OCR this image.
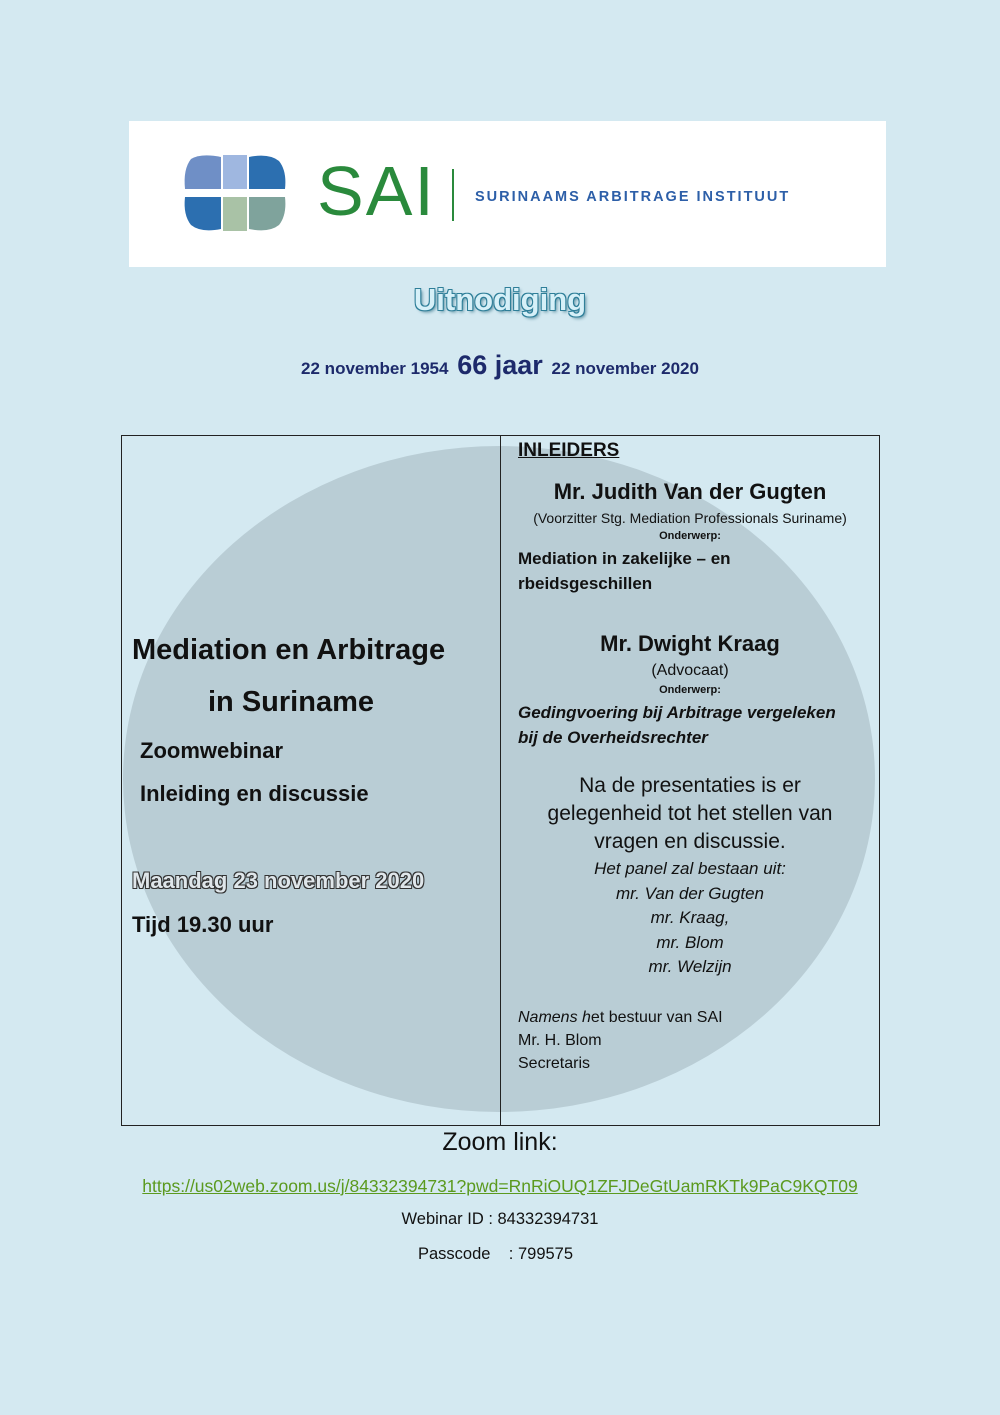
SAI	SURINAAMS ARBITRAGE INSTITUUT
Uitnodiging
22 november 1954 66 jaar 22 november 2020
Mediation en Arbitrage
in Suriname
Zoomwebinar
Inleiding en discussie
Maandag 23 november 2020
Tijd 19.30 uur
INLEIDERS
Mr. Judith Van der Gugten
(Voorzitter Stg. Mediation Professionals Suriname)
Onderwerp:
Mediation in zakelijke – en
rbeidsgeschillen
Mr. Dwight Kraag
(Advocaat)
Onderwerp:
Gedingvoering bij Arbitrage vergeleken
bij de Overheidsrechter
Na de presentaties is er
gelegenheid tot het stellen van
vragen en discussie.
Het panel zal bestaan uit:
mr. Van der Gugten
mr. Kraag,
mr. Blom
mr. Welzijn
Namens het bestuur van SAI
Mr. H. Blom
Secretaris
Zoom link:
https://us02web.zoom.us/j/84332394731?pwd=RnRiOUQ1ZFJDeGtUamRKTk9PaC9KQT09
Webinar ID : 84332394731
Passcode    : 799575
